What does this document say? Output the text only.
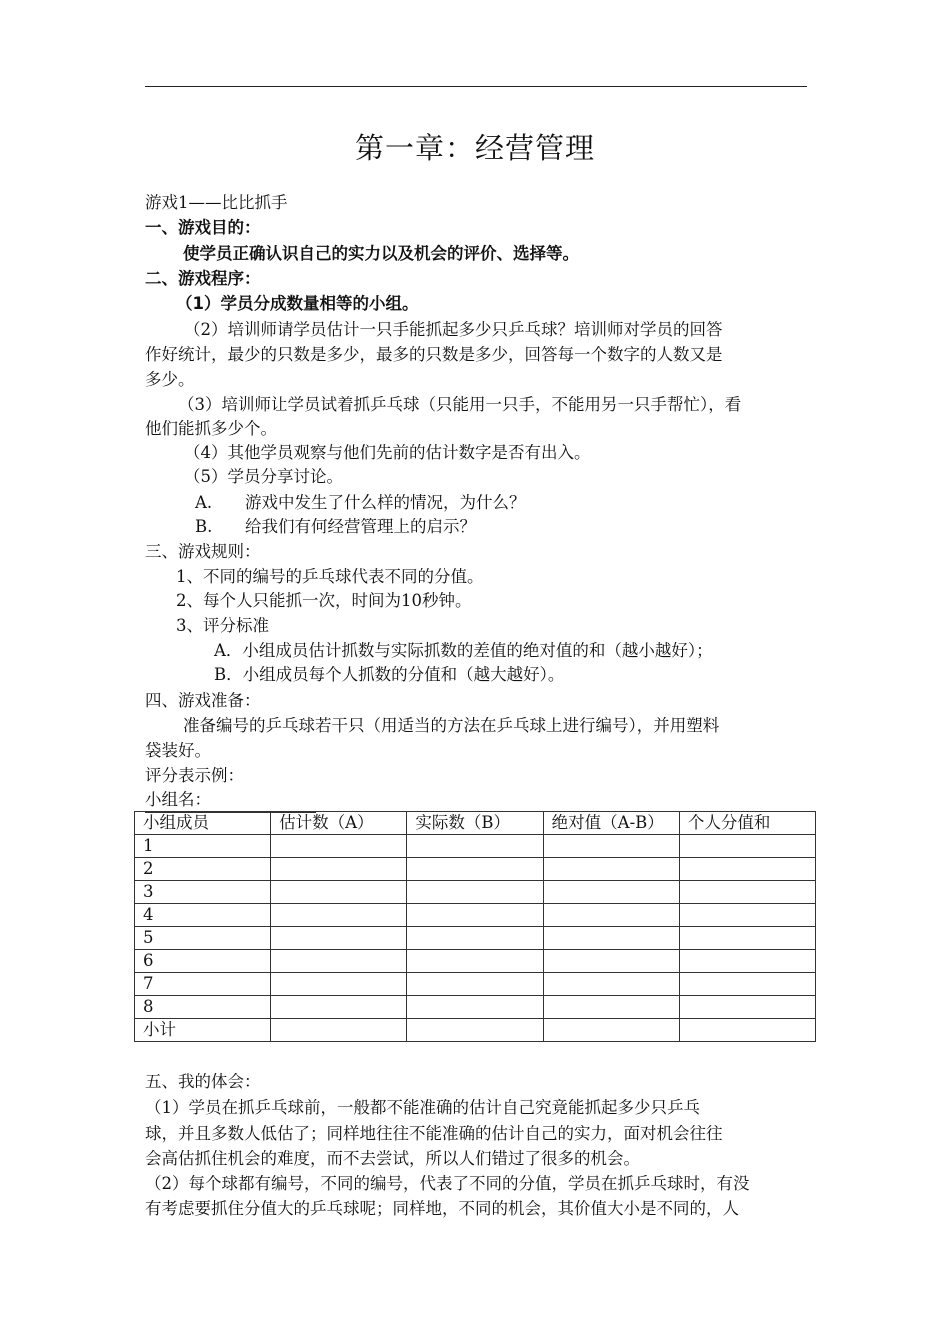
第一章：经营管理
游戏1——比比抓手
一、游戏目的：
使学员正确认识自己的实力以及机会的评价、选择等。
二、游戏程序：
（1）学员分成数量相等的小组。
（2）培训师请学员估计一只手能抓起多少只乒乓球？培训师对学员的回答
作好统计，最少的只数是多少，最多的只数是多少，回答每一个数字的人数又是
多少。
（3）培训师让学员试着抓乒乓球（只能用一只手，不能用另一只手帮忙），看
他们能抓多少个。
（4）其他学员观察与他们先前的估计数字是否有出入。
（5）学员分享讨论。
A. 游戏中发生了什么样的情况，为什么？
B. 给我们有何经营管理上的启示？
三、游戏规则：
1、不同的编号的乒乓球代表不同的分值。
2、每个人只能抓一次，时间为10秒钟。
3、评分标准
A．小组成员估计抓数与实际抓数的差值的绝对值的和（越小越好）；
B．小组成员每个人抓数的分值和（越大越好）。
四、游戏准备：
准备编号的乒乓球若干只（用适当的方法在乒乓球上进行编号），并用塑料
袋装好。
评分表示例：
小组名：
小组成员	估计数（A）	实际数（B）	绝对值（A-B）	个人分值和
1				
2				
3				
4				
5				
6				
7				
8				
小计				
五、我的体会：
（1）学员在抓乒乓球前，一般都不能准确的估计自己究竟能抓起多少只乒乓
球，并且多数人低估了；同样地往往不能准确的估计自己的实力，面对机会往往
会高估抓住机会的难度，而不去尝试，所以人们错过了很多的机会。
（2）每个球都有编号，不同的编号，代表了不同的分值，学员在抓乒乓球时，有没
有考虑要抓住分值大的乒乓球呢；同样地，不同的机会，其价值大小是不同的，人
